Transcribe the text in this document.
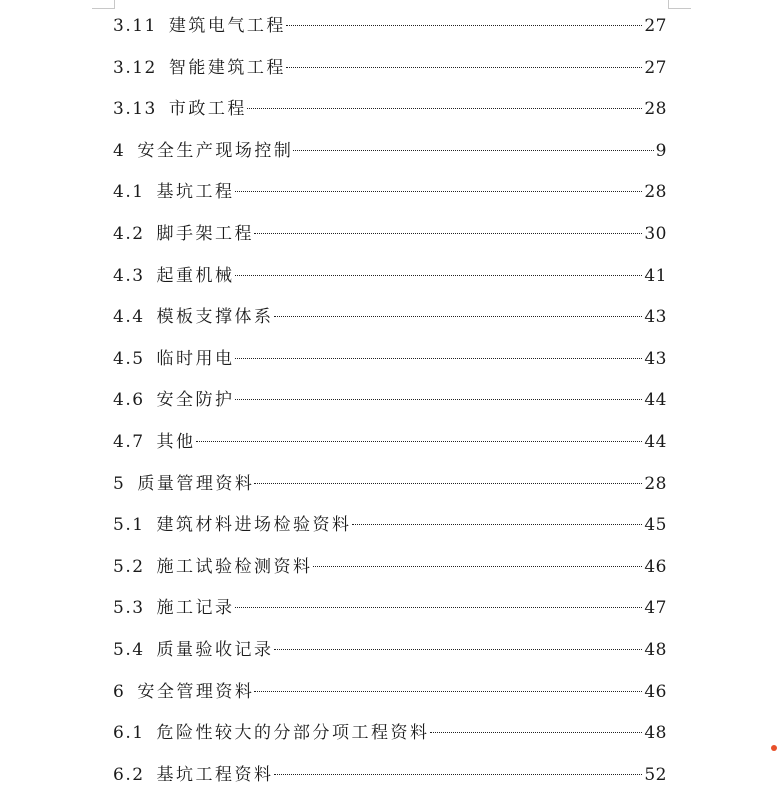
3.11 建筑电气工程	27
3.12 智能建筑工程	27
3.13 市政工程	28
4 安全生产现场控制	9
4.1 基坑工程	28
4.2 脚手架工程	30
4.3 起重机械	41
4.4 模板支撑体系	43
4.5 临时用电	43
4.6 安全防护	44
4.7 其他	44
5 质量管理资料	28
5.1 建筑材料进场检验资料	45
5.2 施工试验检测资料	46
5.3 施工记录	47
5.4 质量验收记录	48
6 安全管理资料	46
6.1 危险性较大的分部分项工程资料	48
6.2 基坑工程资料	52
